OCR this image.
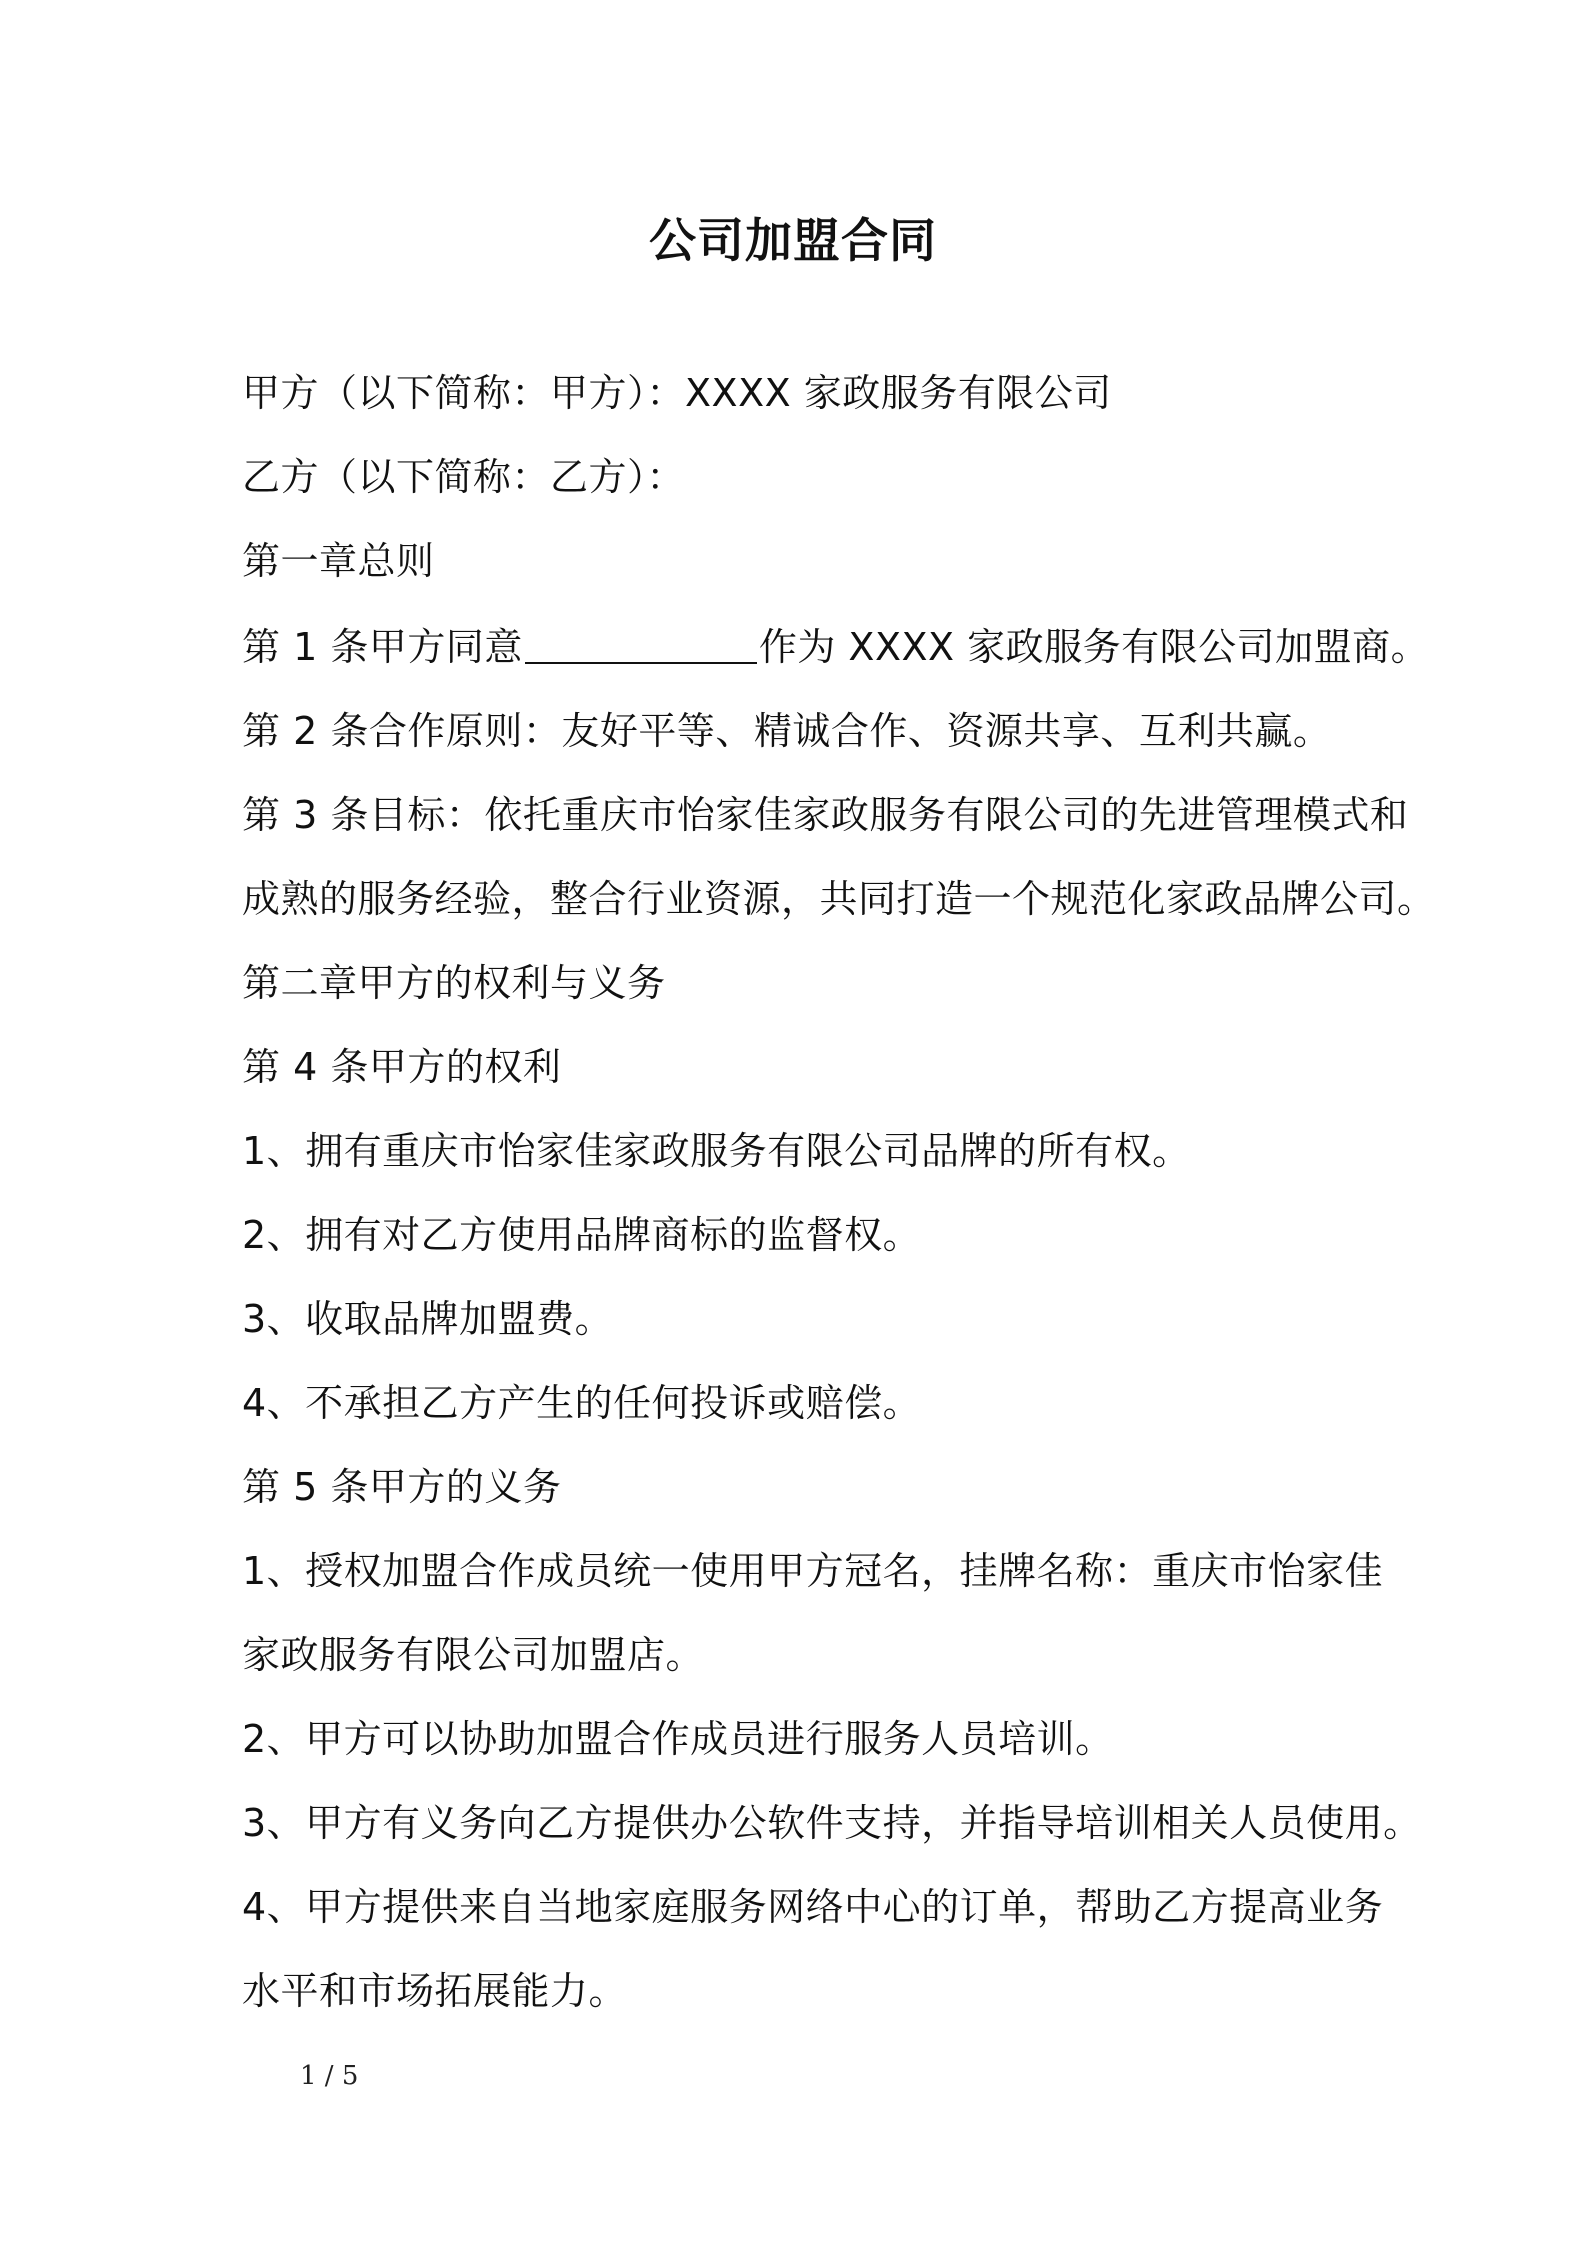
公司加盟合同
甲方（以下简称：甲方）：XXXX 家政服务有限公司
乙方（以下简称：乙方）：
第一章总则
第 1 条甲方同意	作为 XXXX 家政服务有限公司加盟商。
第 2 条合作原则：友好平等、精诚合作、资源共享、互利共赢。
第 3 条目标：依托重庆市怡家佳家政服务有限公司的先进管理模式和
成熟的服务经验，整合行业资源，共同打造一个规范化家政品牌公司。
第二章甲方的权利与义务
第 4 条甲方的权利
1、拥有重庆市怡家佳家政服务有限公司品牌的所有权。
2、拥有对乙方使用品牌商标的监督权。
3、收取品牌加盟费。
4、不承担乙方产生的任何投诉或赔偿。
第 5 条甲方的义务
1、授权加盟合作成员统一使用甲方冠名，挂牌名称：重庆市怡家佳
家政服务有限公司加盟店。
2、甲方可以协助加盟合作成员进行服务人员培训。
3、甲方有义务向乙方提供办公软件支持，并指导培训相关人员使用。
4、甲方提供来自当地家庭服务网络中心的订单，帮助乙方提高业务
水平和市场拓展能力。
1 / 5
